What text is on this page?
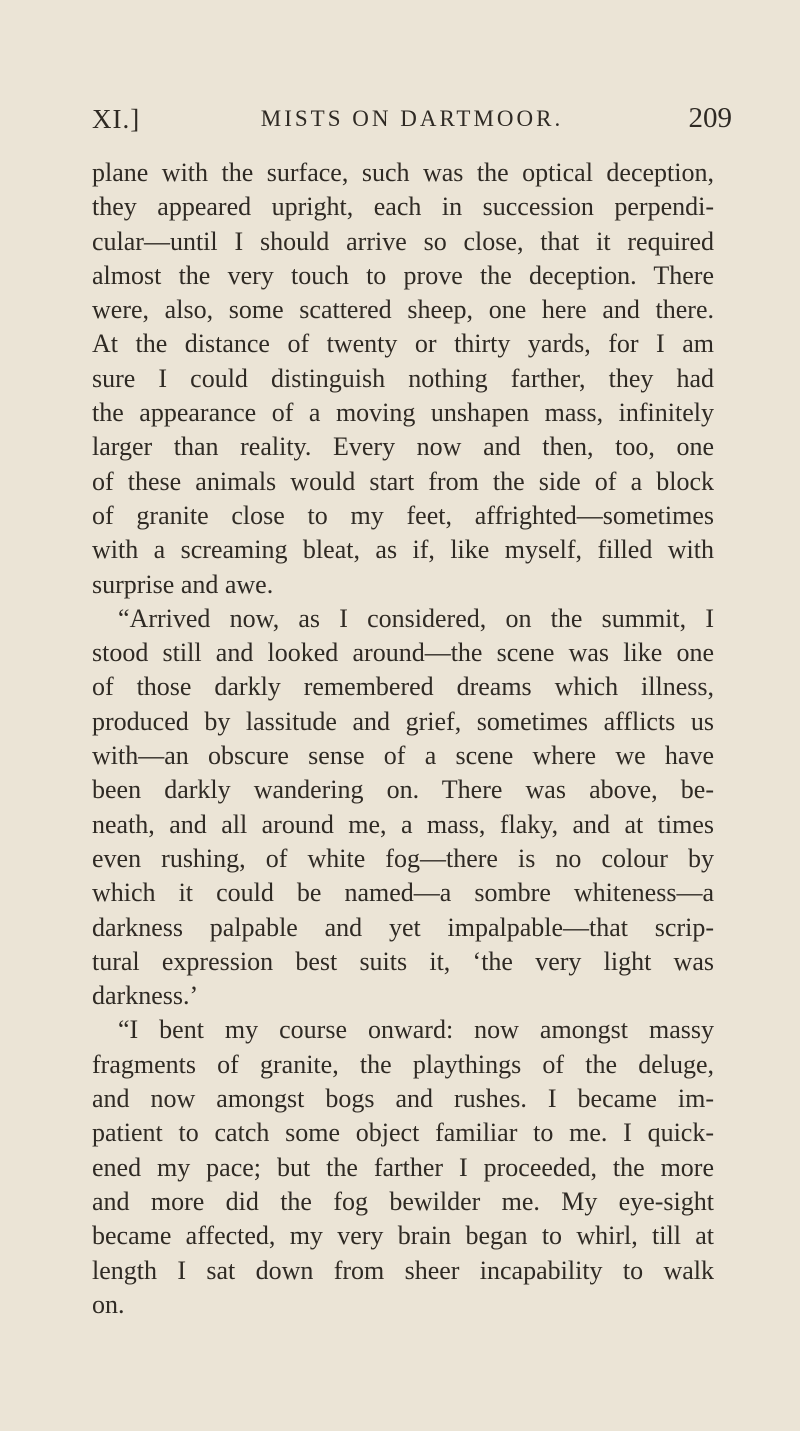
XI.]	MISTS ON DARTMOOR.	209
plane with the surface, such was the optical deception,
they appeared upright, each in succession perpendi-
cular—until I should arrive so close, that it required
almost the very touch to prove the deception. There
were, also, some scattered sheep, one here and there.
At the distance of twenty or thirty yards, for I am
sure I could distinguish nothing farther, they had
the appearance of a moving unshapen mass, infinitely
larger than reality. Every now and then, too, one
of these animals would start from the side of a block
of granite close to my feet, affrighted—sometimes
with a screaming bleat, as if, like myself, filled with
surprise and awe.
“Arrived now, as I considered, on the summit, I
stood still and looked around—the scene was like one
of those darkly remembered dreams which illness,
produced by lassitude and grief, sometimes afflicts us
with—an obscure sense of a scene where we have
been darkly wandering on. There was above, be-
neath, and all around me, a mass, flaky, and at times
even rushing, of white fog—there is no colour by
which it could be named—a sombre whiteness—a
darkness palpable and yet impalpable—that scrip-
tural expression best suits it, ‘the very light was
darkness.’
“I bent my course onward: now amongst massy
fragments of granite, the playthings of the deluge,
and now amongst bogs and rushes. I became im-
patient to catch some object familiar to me. I quick-
ened my pace; but the farther I proceeded, the more
and more did the fog bewilder me. My eye-sight
became affected, my very brain began to whirl, till at
length I sat down from sheer incapability to walk
on.
